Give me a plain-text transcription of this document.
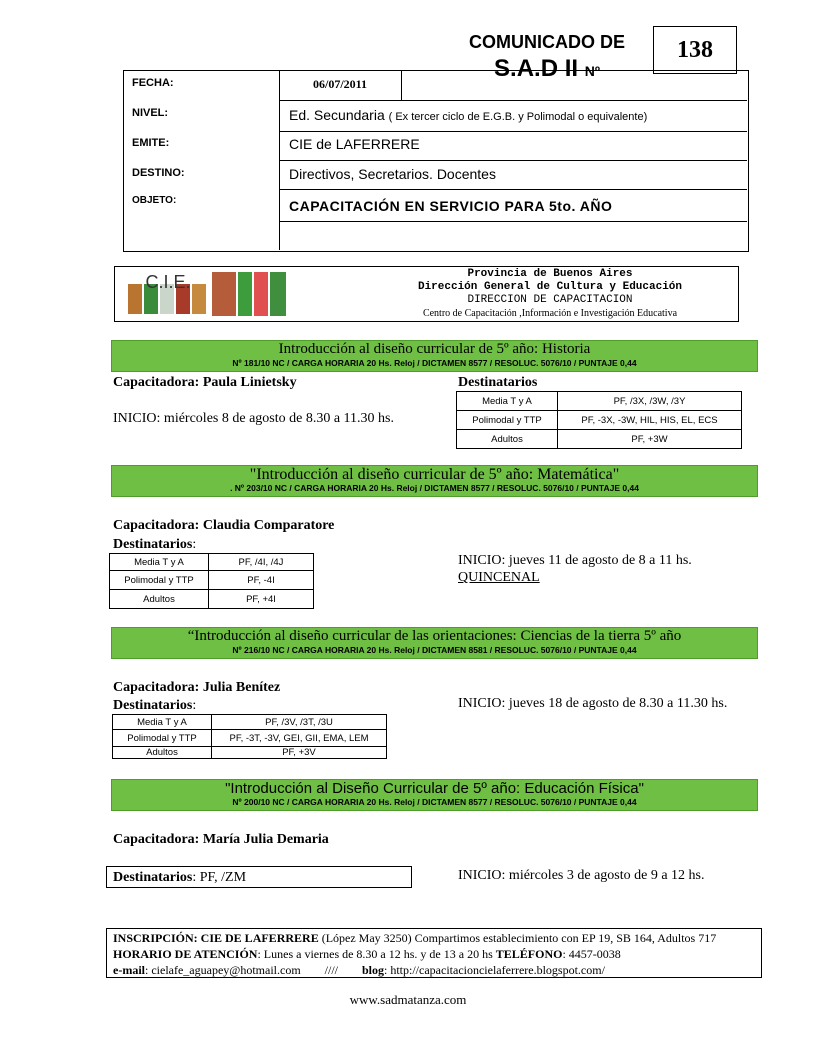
COMUNICADO DE
S.A.D II Nº
138
FECHA:	06/07/2011
NIVEL:	Ed. Secundaria ( Ex tercer ciclo de E.G.B. y Polimodal o equivalente)
EMITE:	CIE de LAFERRERE
DESTINO:	Directivos, Secretarios. Docentes
OBJETO:	CAPACITACIÓN EN SERVICIO PARA 5to. AÑO
C.I.E.	Provincia de Buenos Aires
Dirección General de Cultura y Educación
DIRECCION DE CAPACITACION
Centro de Capacitación ,Información e Investigación Educativa
Introducción al diseño curricular de 5º año: Historia
Nº 181/10 NC / CARGA HORARIA 20 Hs. Reloj / DICTAMEN 8577 / RESOLUC. 5076/10 / PUNTAJE 0,44
Capacitadora: Paula Linietsky	Destinatarios
INICIO: miércoles 8 de agosto de 8.30 a 11.30 hs.
Media T y A	PF, /3X, /3W, /3Y
Polimodal y TTP	PF, -3X, -3W, HIL, HIS, EL, ECS
Adultos	PF, +3W
"Introducción al diseño curricular de 5º año: Matemática"
. Nº 203/10 NC / CARGA HORARIA 20 Hs. Reloj / DICTAMEN 8577 / RESOLUC. 5076/10 / PUNTAJE 0,44
Capacitadora: Claudia Comparatore
Destinatarios:
Media T y A	PF, /4I, /4J
Polimodal y TTP	PF, -4I
Adultos	PF, +4I
INICIO: jueves 11 de agosto de 8 a 11 hs.
QUINCENAL
“Introducción al diseño curricular de las orientaciones: Ciencias de la tierra 5º año
Nº 216/10 NC / CARGA HORARIA 20 Hs. Reloj / DICTAMEN 8581 / RESOLUC. 5076/10 / PUNTAJE 0,44
Capacitadora: Julia Benítez
Destinatarios:
Media T y A	PF, /3V, /3T, /3U
Polimodal y TTP	PF, -3T, -3V, GEI, GII, EMA, LEM
Adultos	PF, +3V
INICIO: jueves 18 de agosto de 8.30 a 11.30 hs.
"Introducción al Diseño Curricular de 5º año: Educación Física"
Nº 200/10 NC / CARGA HORARIA 20 Hs. Reloj / DICTAMEN 8577 / RESOLUC. 5076/10 / PUNTAJE 0,44
Capacitadora: María Julia Demaria
Destinatarios: PF, /ZM	INICIO: miércoles 3 de agosto de 9 a 12 hs.
INSCRIPCIÓN: CIE DE LAFERRERE (López May 3250) Compartimos establecimiento con EP 19, SB 164, Adultos 717
HORARIO DE ATENCIÓN: Lunes a viernes de 8.30 a 12 hs. y de 13 a 20 hs TELÉFONO: 4457-0038
e-mail: cielafe_aguapey@hotmail.com //// blog: http://capacitacioncielaferrere.blogspot.com/
www.sadmatanza.com
